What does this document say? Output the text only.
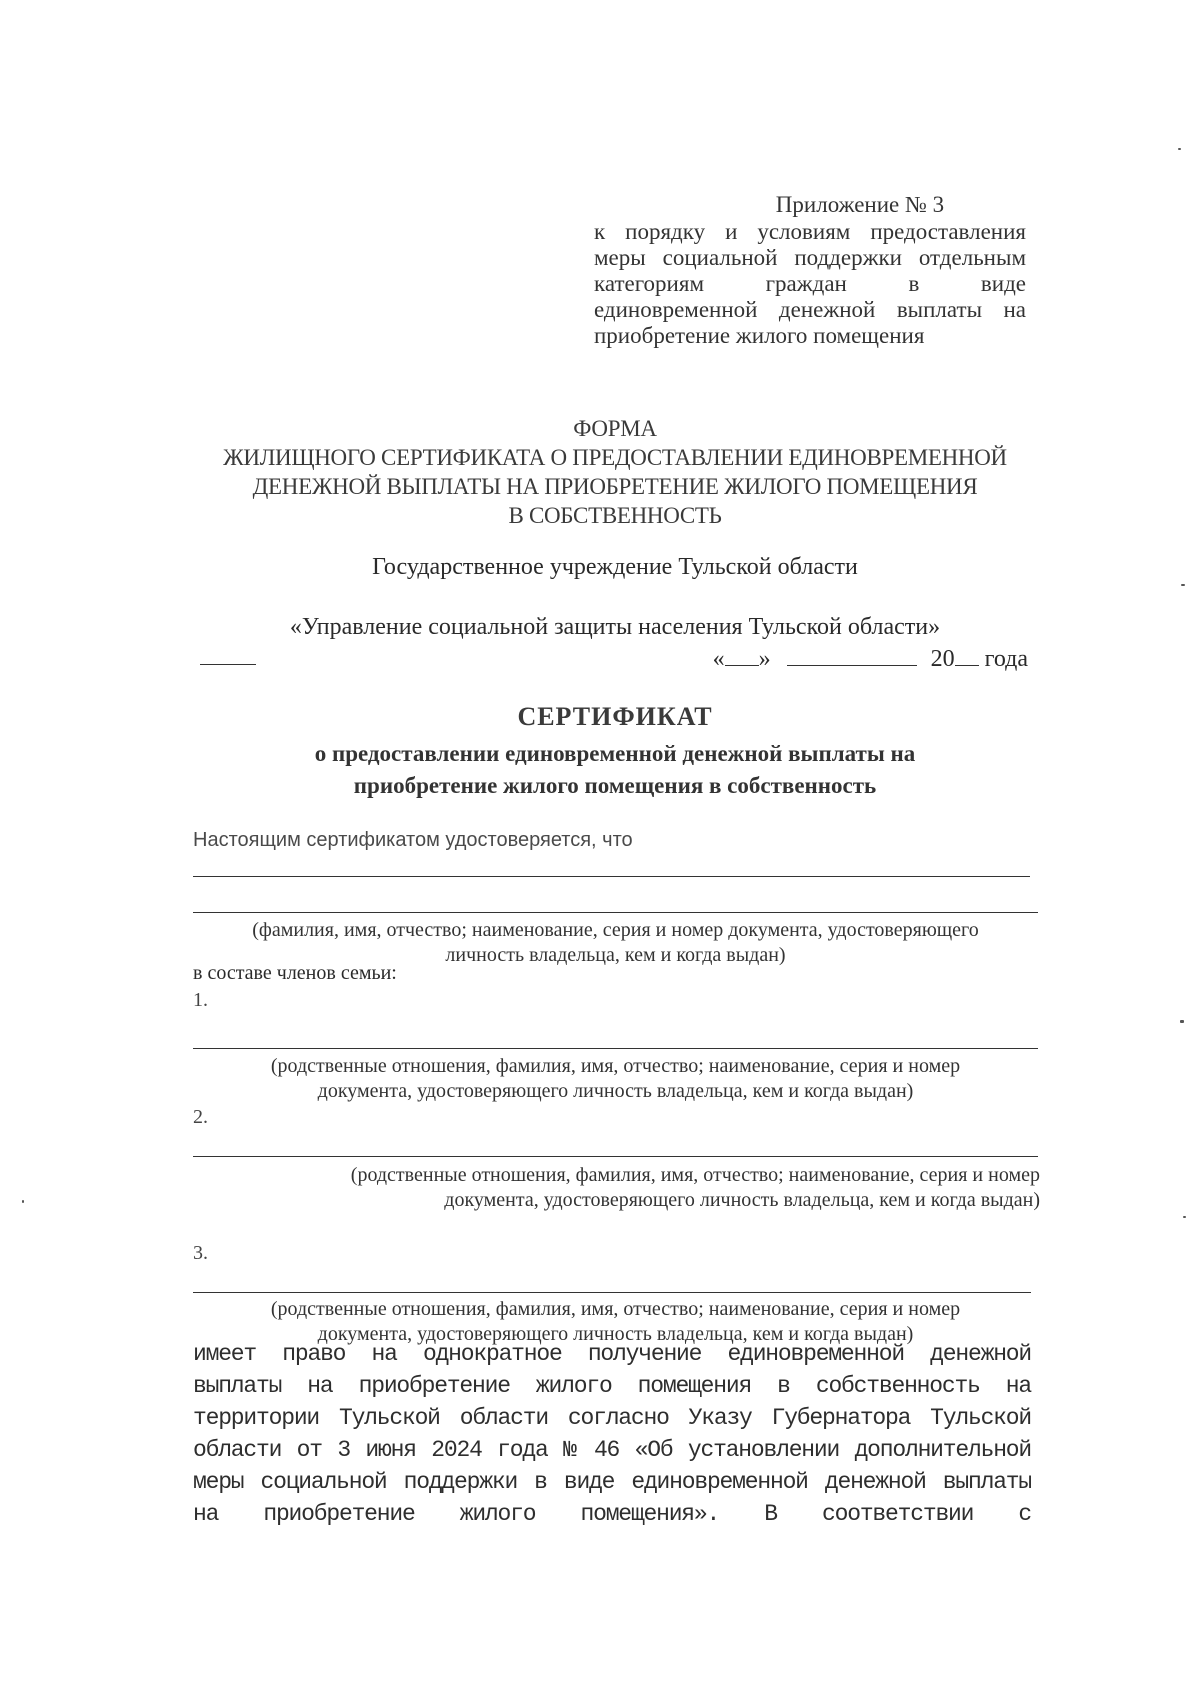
Приложение № 3
к порядку и условиям предоставления меры социальной поддержки отдельным категориям граждан в виде единовременной денежной выплаты на приобретение жилого помещения
ФОРМА
ЖИЛИЩНОГО СЕРТИФИКАТА О ПРЕДОСТАВЛЕНИИ ЕДИНОВРЕМЕННОЙ
ДЕНЕЖНОЙ ВЫПЛАТЫ НА ПРИОБРЕТЕНИЕ ЖИЛОГО ПОМЕЩЕНИЯ
В СОБСТВЕННОСТЬ
Государственное учреждение Тульской области
«Управление социальной защиты населения Тульской области»
« »	20 года
СЕРТИФИКАТ
о предоставлении единовременной денежной выплаты на
приобретение жилого помещения в собственность
Настоящим сертификатом удостоверяется, что
(фамилия, имя, отчество; наименование, серия и номер документа, удостоверяющего
личность владельца, кем и когда выдан)
в составе членов семьи:
1.
(родственные отношения, фамилия, имя, отчество; наименование, серия и номер
документа, удостоверяющего личность владельца, кем и когда выдан)
2.
(родственные отношения, фамилия, имя, отчество; наименование, серия и номер
документа, удостоверяющего личность владельца, кем и когда выдан)
3.
(родственные отношения, фамилия, имя, отчество; наименование, серия и номер
документа, удостоверяющего личность владельца, кем и когда выдан)
имеет право на однократное получение единовременной денежной выплаты на приобретение жилого помещения в собственность на территории Тульской области согласно Указу Губернатора Тульской области от 3 июня 2024 года № 46 «Об установлении дополнительной меры социальной поддержки в виде единовременной денежной выплаты на приобретение жилого помещения». В соответствии с
